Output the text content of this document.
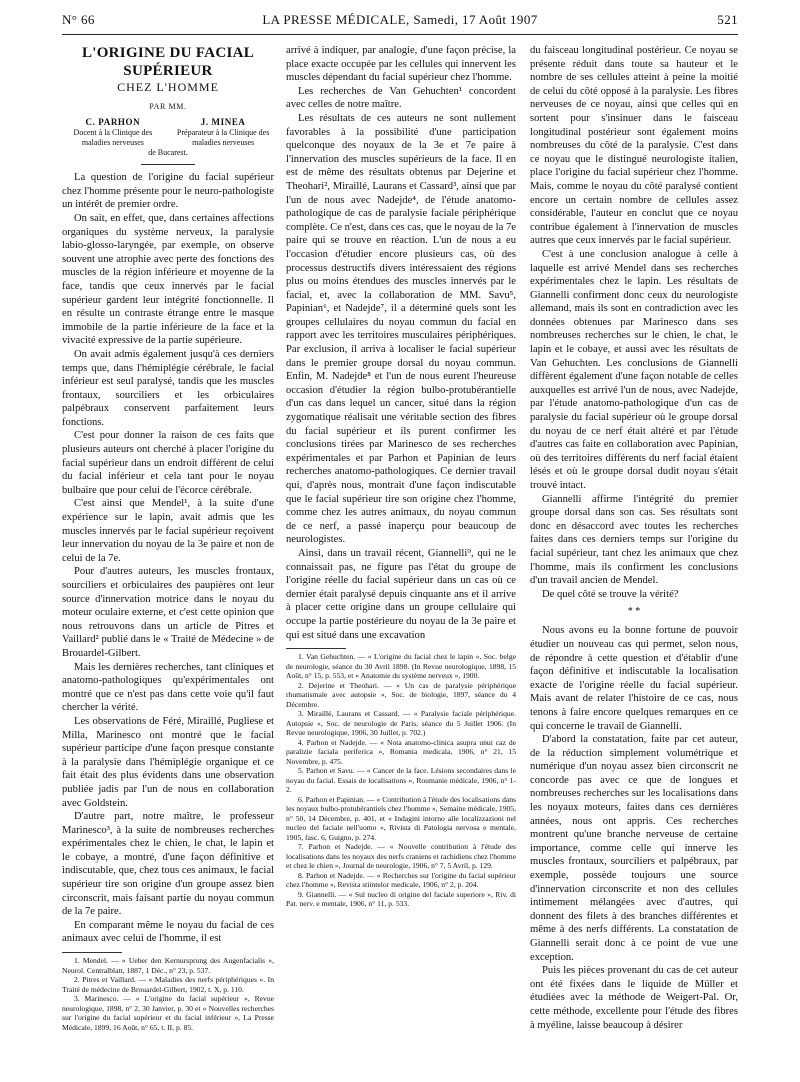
N° 66	LA PRESSE MÉDICALE, Samedi, 17 Août 1907	521
L'ORIGINE DU FACIAL SUPÉRIEUR
CHEZ L'HOMME
PAR MM.
C. PARHON
Docent à la Clinique des maladies nerveuses
J. MINEA
Préparateur à la Clinique des maladies nerveuses
de Bucarest.

La question de l'origine du facial supérieur chez l'homme présente pour le neuro-pathologiste un intérêt de premier ordre.

On sait, en effet, que, dans certaines affections organiques du système nerveux, la paralysie labio-glosso-laryngée, par exemple, on observe souvent une atrophie avec perte des fonctions des muscles de la région inférieure et moyenne de la face, tandis que ceux innervés par le facial supérieur gardent leur intégrité fonctionnelle. Il en résulte un contraste étrange entre le masque immobile de la partie inférieure de la face et la vivacité expressive de la partie supérieure.

On avait admis également jusqu'à ces derniers temps que, dans l'hémiplégie cérébrale, le facial inférieur est seul paralysé, tandis que les muscles frontaux, sourciliers et les orbiculaires palpébraux conservent parfaitement leurs fonctions.

C'est pour donner la raison de ces faits que plusieurs auteurs ont cherché à placer l'origine du facial supérieur dans un endroit différent de celui du facial inférieur et cela tant pour le noyau bulbaire que pour celui de l'écorce cérébrale.

C'est ainsi que Mendel¹, à la suite d'une expérience sur le lapin, avait admis que les muscles innervés par le facial supérieur reçoivent leur innervation du noyau de la 3e paire et non de celui de la 7e.

Pour d'autres auteurs, les muscles frontaux, sourciliers et orbiculaires des paupières ont leur source d'innervation motrice dans le noyau du moteur oculaire externe, et c'est cette opinion que nous retrouvons dans un article de Pitres et Vaillard² publié dans le « Traité de Médecine » de Brouardel-Gilbert.

Mais les dernières recherches, tant cliniques et anatomo-pathologiques qu'expérimentales ont montré que ce n'est pas dans cette voie qu'il faut chercher la vérité.

Les observations de Féré, Miraillé, Pugliese et Milla, Marinesco ont montré que le facial supérieur participe d'une façon presque constante à la paralysie dans l'hémiplégie organique et ce fait était des plus évidents dans une observation publiée jadis par l'un de nous en collaboration avec Goldstein.

D'autre part, notre maître, le professeur Marinesco³, à la suite de nombreuses recherches expérimentales chez le chien, le chat, le lapin et le cobaye, a montré, d'une façon définitive et indiscutable, que, chez tous ces animaux, le facial supérieur tire son origine d'un groupe assez bien circonscrit, mais faisant partie du noyau commun de la 7e paire.

En comparant même le noyau du facial de ces animaux avec celui de l'homme, il est

1. Mendel. — « Ueber den Kernursprung des Augenfacialis », Neurol. Centralblatt, 1887, 1 Déc., n° 23, p. 537.

2. Pitres et Vaillard. — « Maladies des nerfs périphériques ». In Traité de médecine de Brouardel-Gilbert, 1902, t. X, p. 110.

3. Marinesco. — « L'origine du facial supérieur », Revue neurologique, 1898, n° 2, 30 Janvier, p. 30 et « Nouvelles recherches sur l'origine du facial supérieur et du facial inférieur », La Presse Médicale, 1899, 16 Août, n° 65, t. II, p. 85.

arrivé à indiquer, par analogie, d'une façon précise, la place exacte occupée par les cellules qui innervent les muscles dépendant du facial supérieur chez l'homme.

Les recherches de Van Gehuchten¹ concordent avec celles de notre maître.

Les résultats de ces auteurs ne sont nullement favorables à la possibilité d'une participation quelconque des noyaux de la 3e et 7e paire à l'innervation des muscles supérieurs de la face. Il en est de même des résultats obtenus par Dejerine et Theohari², Miraillé, Laurans et Cassard³, ainsi que par l'un de nous avec Nadejde⁴, de l'étude anatomo-pathologique de cas de paralysie faciale périphérique complète. Ce n'est, dans ces cas, que le noyau de la 7e paire qui se trouve en réaction. L'un de nous a eu l'occasion d'étudier encore plusieurs cas, où des processus destructifs divers intéressaient des régions plus ou moins étendues des muscles innervés par le facial, et, avec la collaboration de MM. Savu⁵, Papinian⁶, et Nadejde⁷, il a déterminé quels sont les groupes cellulaires du noyau commun du facial en rapport avec les territoires musculaires périphériques. Par exclusion, il arriva à localiser le facial supérieur dans le premier groupe dorsal du noyau commun. Enfin, M. Nadejde⁸ et l'un de nous eurent l'heureuse occasion d'étudier la région bulbo-protubérantielle d'un cas dans lequel un cancer, situé dans la région zygomatique réalisait une véritable section des fibres du facial supérieur et ils purent confirmer les conclusions tirées par Marinesco de ses recherches expérimentales et par Parhon et Papinian de leurs recherches anatomo-pathologiques. Ce dernier travail qui, d'après nous, montrait d'une façon indiscutable que le facial supérieur tire son origine chez l'homme, comme chez les autres animaux, du noyau commun de ce nerf, a passé inaperçu pour beaucoup de neurologistes.

Ainsi, dans un travail récent, Giannelli⁹, qui ne le connaissait pas, ne figure pas l'état du groupe de l'origine réelle du facial supérieur dans un cas où ce dernier était paralysé depuis cinquante ans et il arrive à placer cette origine dans un groupe cellulaire qui occupe la partie postérieure du noyau de la 3e paire et qui est situé dans une excavation

1. Van Gehuchten. — « L'origine du facial chez le lapin », Soc. belge de neurologie, séance du 30 Avril 1898. (In Revue neurologique, 1898, 15 Août, n° 15, p. 553, et « Anatomie du système nerveux », 1900.

2. Dejerine et Theohari. — « Un cas de paralysie périphérique rhumatismale avec autopsie », Soc. de biologie, 1897, séance du 4 Décembre.

3. Miraillé, Laurans et Cassard. — « Paralysie faciale périphérique. Autopsie », Soc. de neurologie de Paris, séance du 5 Juillet 1906. (In Revue neurologique, 1906, 30 Juillet, p. 702.)

4. Parhon et Nadejde. — « Nota anatomo-clinica asupra unui caz de paralizie faciala periferica », Romania medicala, 1906, n° 21, 15 Novembre, p. 475.

5. Parhon et Savu. — « Cancer de la face. Lésions secondaires dans le noyau du facial. Essais de localisations », Roumanie médicale, 1906, n° 1-2.

6. Parhon et Papinian. — « Contribution à l'étude des localisations dans les noyaux bulbo-protubérantiels chez l'homme », Semaine médicale, 1905, n° 50, 14 Décembre, p. 401, et « Indagini intorno alle localizzazioni nel nucleo del faciale nell'uomo », Rivista di Patologia nervosa e mentale, 1905, fasc. 6, Guigno, p. 274.

7. Parhon et Nadejde. — « Nouvelle contribution à l'étude des localisations dans les noyaux des nerfs craniens et rachidiens chez l'homme et chez le chien », Journal de neurologie, 1906, n° 7, 5 Avril, p. 129.

8. Parhon et Nadejde. — « Recherches sur l'origine du facial supérieur chez l'homme », Revista stiintelor medicale, 1906, n° 2, p. 204.

9. Giannelli. — « Sul nucleo di origine del faciale superiore », Riv. di Pat. nerv. e mentale, 1906, n° 11, p. 533.

du faisceau longitudinal postérieur. Ce noyau se présente réduit dans toute sa hauteur et le nombre de ses cellules atteint à peine la moitié de celui du côté opposé à la paralysie. Les fibres nerveuses de ce noyau, ainsi que celles qui en sortent pour s'insinuer dans le faisceau longitudinal postérieur sont également moins nombreuses du côté de la paralysie. C'est dans ce noyau que le distingué neurologiste italien, place l'origine du facial supérieur chez l'homme. Mais, comme le noyau du côté paralysé contient encore un certain nombre de cellules assez considérable, l'auteur en conclut que ce noyau contribue également à l'innervation de muscles autres que ceux innervés par le facial supérieur.

C'est à une conclusion analogue à celle à laquelle est arrivé Mendel dans ses recherches expérimentales chez le lapin. Les résultats de Giannelli confirment donc ceux du neurologiste allemand, mais ils sont en contradiction avec les données obtenues par Marinesco dans ses nombreuses recherches sur le chien, le chat, le lapin et le cobaye, et aussi avec les résultats de Van Gehuchten. Les conclusions de Giannelli diffèrent également d'une façon notable de celles auxquelles est arrivé l'un de nous, avec Nadejde, par l'étude anatomo-pathologique d'un cas de paralysie du facial supérieur où le groupe dorsal du noyau de ce nerf était altéré et par l'étude d'autres cas faite en collaboration avec Papinian, où des territoires différents du nerf facial étaient lésés et où le groupe dorsal dudit noyau s'était trouvé intact.

Giannelli affirme l'intégrité du premier groupe dorsal dans son cas. Ses résultats sont donc en désaccord avec toutes les recherches faites dans ces derniers temps sur l'origine du facial supérieur, tant chez les animaux que chez l'homme, mais ils confirment les conclusions d'un travail ancien de Mendel.

De quel côté se trouve la vérité?

* *

Nous avons eu la bonne fortune de pouvoir étudier un nouveau cas qui permet, selon nous, de répondre à cette question et d'établir d'une façon définitive et indiscutable la localisation exacte de l'origine réelle du facial supérieur. Mais avant de relater l'histoire de ce cas, nous tenons à faire encore quelques remarques en ce qui concerne le travail de Giannelli.

D'abord la constatation, faite par cet auteur, de la réduction simplement volumétrique et numérique d'un noyau assez bien circonscrit ne concorde pas avec ce que de longues et nombreuses recherches sur les localisations dans les noyaux moteurs, faites dans ces dernières années, nous ont appris. Ces recherches montrent qu'une branche nerveuse de certaine importance, comme celle qui innerve les muscles frontaux, sourciliers et palpébraux, par exemple, possède toujours une source d'innervation circonscrite et non des cellules intimement mélangées avec d'autres, qui donnent des filets à des branches différentes et même à des nerfs différents. La constatation de Giannelli serait donc à ce point de vue une exception.

Puis les pièces provenant du cas de cet auteur ont été fixées dans le liquide de Müller et étudiées avec la méthode de Weigert-Pal. Or, cette méthode, excellente pour l'étude des fibres à myéline, laisse beaucoup à désirer
